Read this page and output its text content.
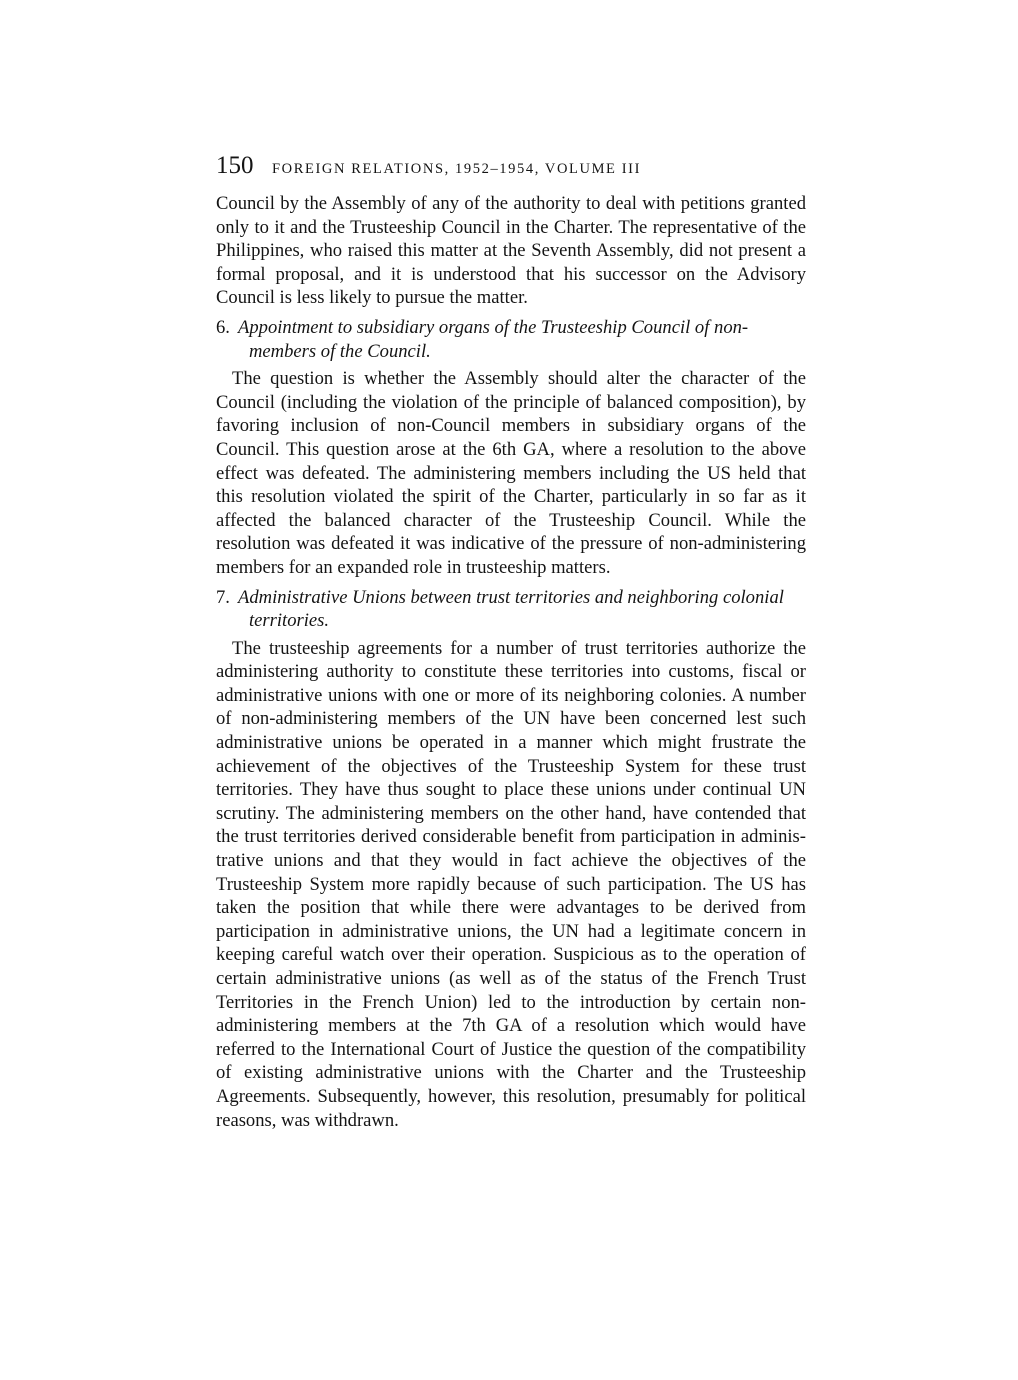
150 FOREIGN RELATIONS, 1952–1954, VOLUME III

Council by the Assembly of any of the authority to deal with petitions granted only to it and the Trusteeship Council in the Charter. The representative of the Philippines, who raised this matter at the Seventh Assembly, did not present a formal proposal, and it is understood that his successor on the Advisory Council is less likely to pursue the matter.

6. Appointment to subsidiary organs of the Trusteeship Council of non-members of the Council.

The question is whether the Assembly should alter the character of the Council (including the violation of the principle of balanced composition), by favoring inclusion of non-Council members in subsidiary organs of the Council. This question arose at the 6th GA, where a resolution to the above effect was defeated. The administering members including the US held that this resolution violated the spirit of the Charter, particularly in so far as it affected the balanced character of the Trusteeship Council. While the resolution was defeated it was indicative of the pressure of non-administering members for an expanded role in trusteeship matters.

7. Administrative Unions between trust territories and neighboring colonial territories.

The trusteeship agreements for a number of trust territories authorize the administering authority to constitute these territories into customs, fiscal or administrative unions with one or more of its neighboring colonies. A number of non-administering members of the UN have been concerned lest such administrative unions be operated in a manner which might frustrate the achievement of the objectives of the Trusteeship System for these trust territories. They have thus sought to place these unions under continual UN scrutiny. The administering members on the other hand, have contended that the trust territories derived considerable benefit from participation in administrative unions and that they would in fact achieve the objectives of the Trusteeship System more rapidly because of such participation. The US has taken the position that while there were advantages to be derived from participation in administrative unions, the UN had a legitimate concern in keeping careful watch over their operation. Suspicious as to the operation of certain administrative unions (as well as of the status of the French Trust Territories in the French Union) led to the introduction by certain non-administering members at the 7th GA of a resolution which would have referred to the International Court of Justice the question of the compatibility of existing administrative unions with the Charter and the Trusteeship Agreements. Subsequently, however, this resolution, presumably for political reasons, was withdrawn.
